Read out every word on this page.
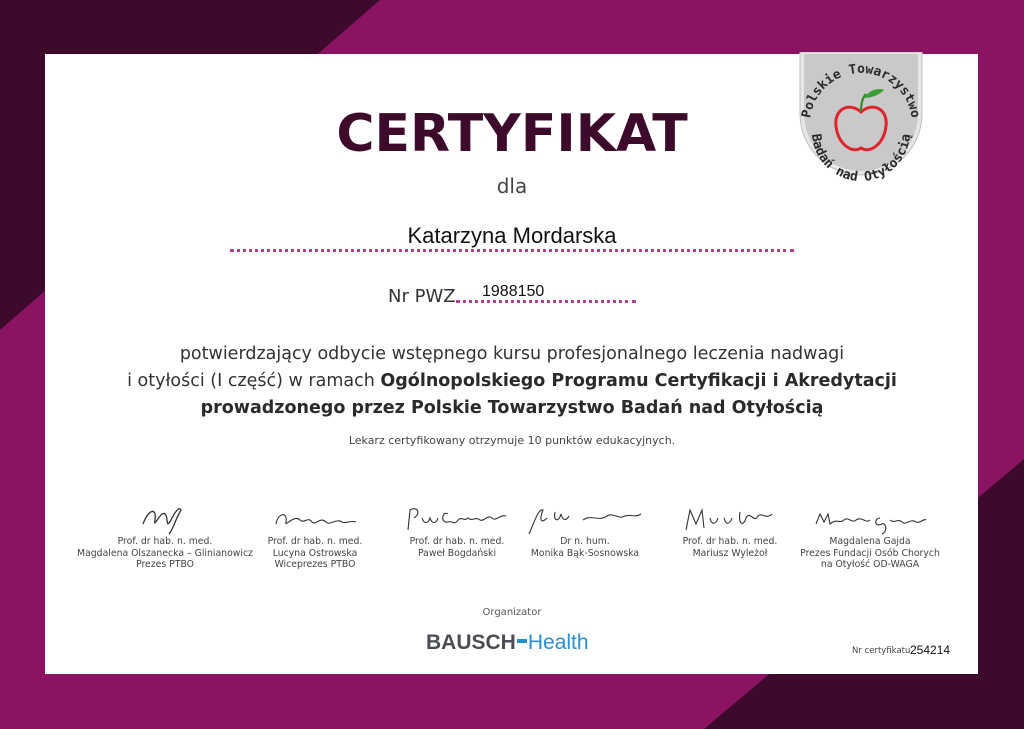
Polskie Towarzystwo
Badań nad Otyłością
CERTYFIKAT
dla
Katarzyna Mordarska
Nr PWZ 1988150
potwierdzający odbycie wstępnego kursu profesjonalnego leczenia nadwagi
i otyłości (I część) w ramach Ogólnopolskiego Programu Certyfikacji i Akredytacji
prowadzonego przez Polskie Towarzystwo Badań nad Otyłością
Lekarz certyfikowany otrzymuje 10 punktów edukacyjnych.
Prof. dr hab. n. med.
Magdalena Olszanecka – Glinianowicz
Prezes PTBO
Prof. dr hab. n. med.
Lucyna Ostrowska
Wiceprezes PTBO
Prof. dr hab. n. med.
Paweł Bogdański
Dr n. hum.
Monika Bąk-Sosnowska
Prof. dr hab. n. med.
Mariusz Wyleżoł
Magdalena Gajda
Prezes Fundacji Osób Chorych
na Otyłość OD-WAGA
Organizator
BAUSCH Health	Nr certyfikatu 254214
